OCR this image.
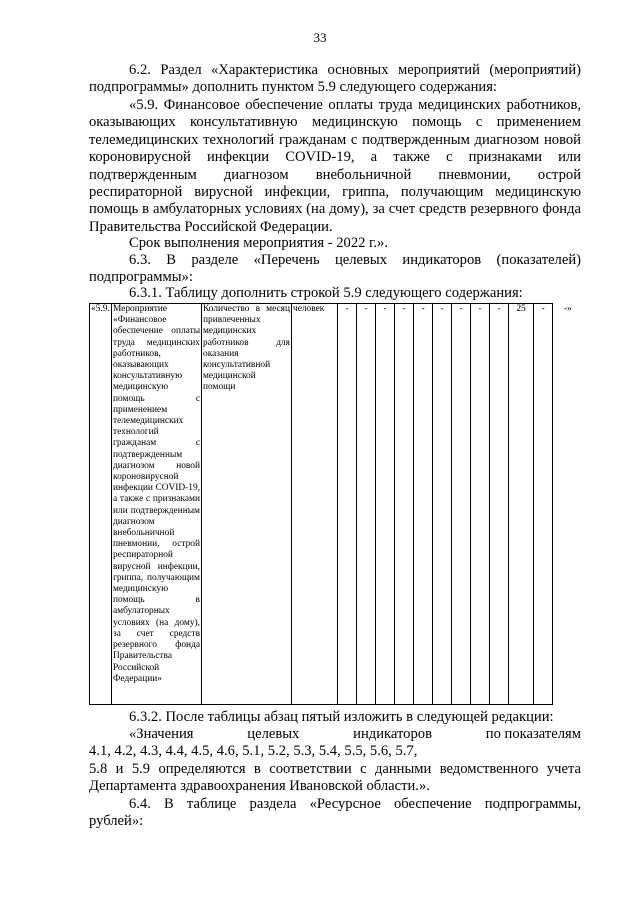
33
6.2. Раздел «Характеристика основных мероприятий (мероприятий) подпрограммы» дополнить пунктом 5.9 следующего содержания:
«5.9. Финансовое обеспечение оплаты труда медицинских работников, оказывающих консультативную медицинскую помощь с применением телемедицинских технологий гражданам с подтвержденным диагнозом новой короновирусной инфекции COVID-19, а также с признаками или подтвержденным диагнозом внебольничной пневмонии, острой респираторной вирусной инфекции, гриппа, получающим медицинскую помощь в амбулаторных условиях (на дому), за счет средств резервного фонда Правительства Российской Федерации.
Срок выполнения мероприятия - 2022 г.».
6.3. В разделе «Перечень целевых индикаторов (показателей) подпрограммы»:
6.3.1. Таблицу дополнить строкой 5.9 следующего содержания:
«5.9.	Мероприятие «Финансовое обеспечение оплаты труда медицинских работников, оказывающих консультативную медицинскую помощь с применением телемедицинских технологий гражданам с подтвержденным диагнозом новой короновирусной инфекции COVID-19, а также с признаками или подтвержденным диагнозом внебольничной пневмонии, острой респираторной вирусной инфекции, гриппа, получающим медицинскую помощь в амбулаторных условиях (на дому), за счет средств резервного фонда Правительства Российской Федерации»	Количество в месяц привлеченных медицинских работников для оказания консультативной медицинской помощи	человек	-	-	-	-	-	-	-	-	-	25	-	-»
6.3.2. После таблицы абзац пятый изложить в следующей редакции:
«Значения	целевых	индикаторов	по показателям
4.1, 4.2, 4.3, 4.4, 4.5, 4.6, 5.1, 5.2, 5.3, 5.4, 5.5, 5.6, 5.7,
5.8 и 5.9 определяются в соответствии с данными ведомственного учета Департамента здравоохранения Ивановской области.».
6.4. В таблице раздела «Ресурсное обеспечение подпрограммы, рублей»:
